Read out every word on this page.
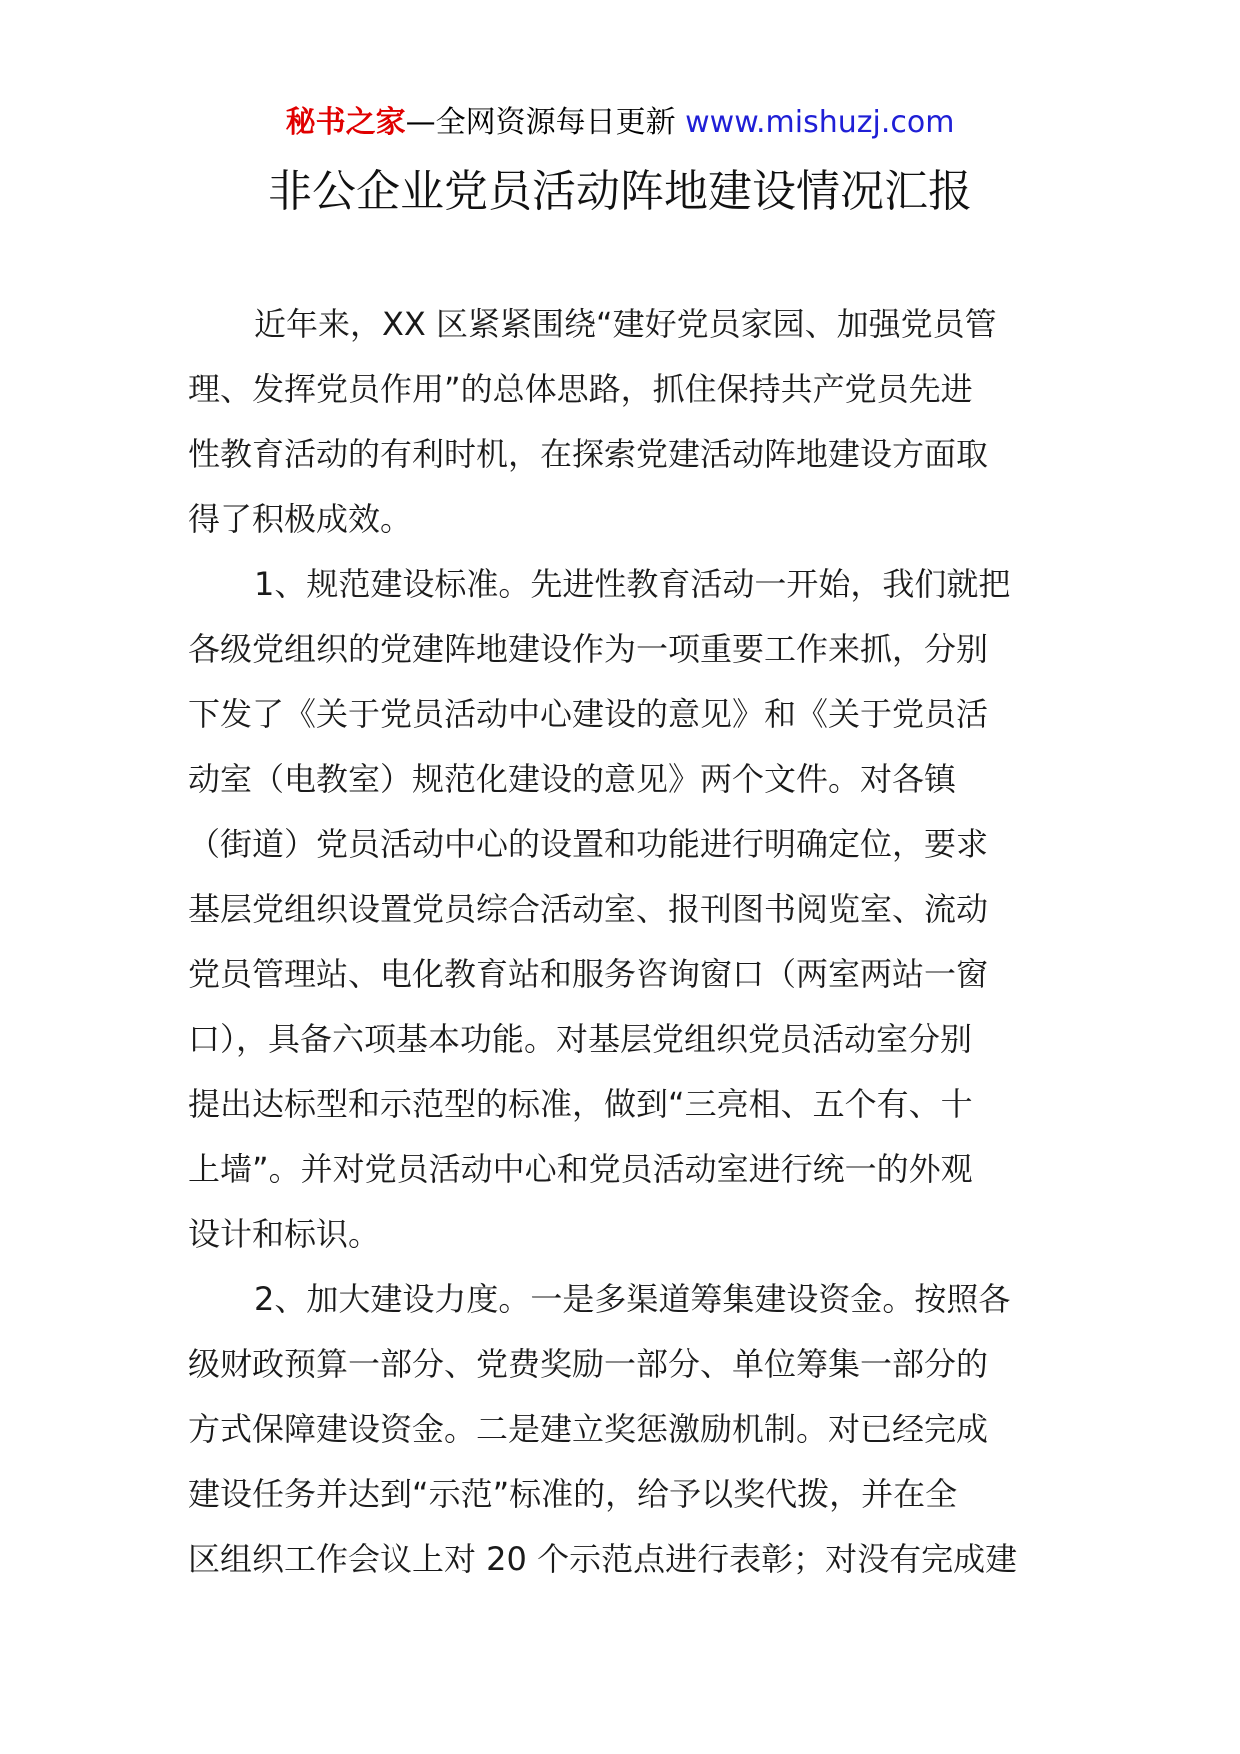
秘书之家—全网资源每日更新 www.mishuzj.com
非公企业党员活动阵地建设情况汇报

近年来，XX 区紧紧围绕“建好党员家园、加强党员管
理、发挥党员作用”的总体思路，抓住保持共产党员先进
性教育活动的有利时机，在探索党建活动阵地建设方面取
得了积极成效。

1、规范建设标准。先进性教育活动一开始，我们就把
各级党组织的党建阵地建设作为一项重要工作来抓，分别
下发了《关于党员活动中心建设的意见》和《关于党员活
动室（电教室）规范化建设的意见》两个文件。对各镇
（街道）党员活动中心的设置和功能进行明确定位，要求
基层党组织设置党员综合活动室、报刊图书阅览室、流动
党员管理站、电化教育站和服务咨询窗口（两室两站一窗
口），具备六项基本功能。对基层党组织党员活动室分别
提出达标型和示范型的标准，做到“三亮相、五个有、十
上墙”。并对党员活动中心和党员活动室进行统一的外观
设计和标识。

2、加大建设力度。一是多渠道筹集建设资金。按照各
级财政预算一部分、党费奖励一部分、单位筹集一部分的
方式保障建设资金。二是建立奖惩激励机制。对已经完成
建设任务并达到“示范”标准的，给予以奖代拨，并在全
区组织工作会议上对 20 个示范点进行表彰；对没有完成建
